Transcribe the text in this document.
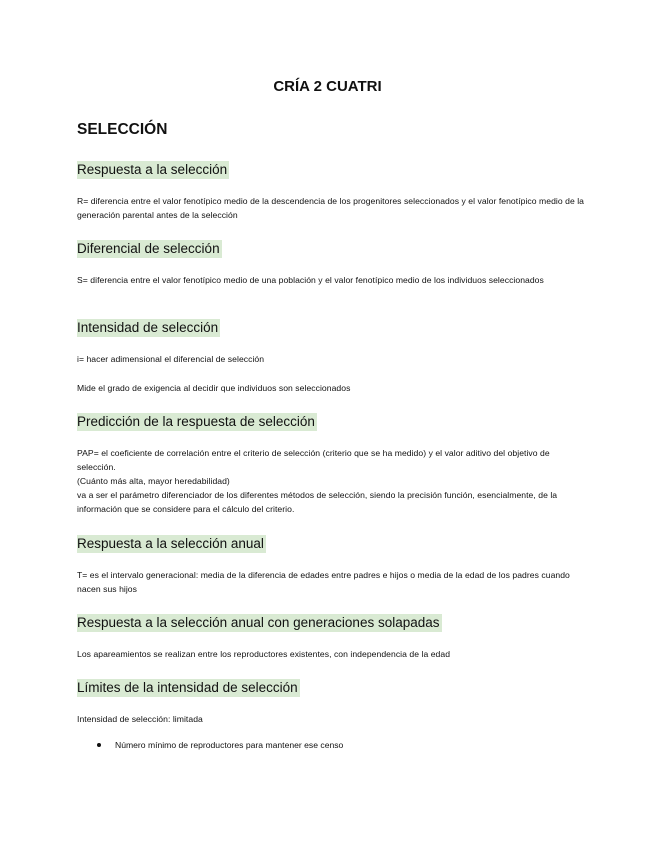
CRÍA 2 CUATRI
SELECCIÓN
Respuesta a la selección
R= diferencia entre el valor fenotípico medio de la descendencia de los progenitores seleccionados y el valor fenotípico medio de la generación parental antes de la selección
Diferencial de selección
S= diferencia entre el valor fenotípico medio de una población y el valor fenotípico medio de los individuos seleccionados
Intensidad de selección
i= hacer adimensional el diferencial de selección
Mide el grado de exigencia al decidir que individuos son seleccionados
Predicción de la respuesta de selección
PAP= el coeficiente de correlación entre el criterio de selección (criterio que se ha medido) y el valor aditivo del objetivo de selección.
(Cuánto más alta, mayor heredabilidad)
va a ser el parámetro diferenciador de los diferentes métodos de selección, siendo la precisión función, esencialmente, de la información que se considere para el cálculo del criterio.
Respuesta a la selección anual
T= es el intervalo generacional: media de la diferencia de edades entre padres e hijos o media de la edad de los padres cuando nacen sus hijos
Respuesta a la selección anual con generaciones solapadas
Los apareamientos se realizan entre los reproductores existentes, con independencia de la edad
Límites de la intensidad de selección
Intensidad de selección: limitada
Número mínimo de reproductores para mantener ese censo
